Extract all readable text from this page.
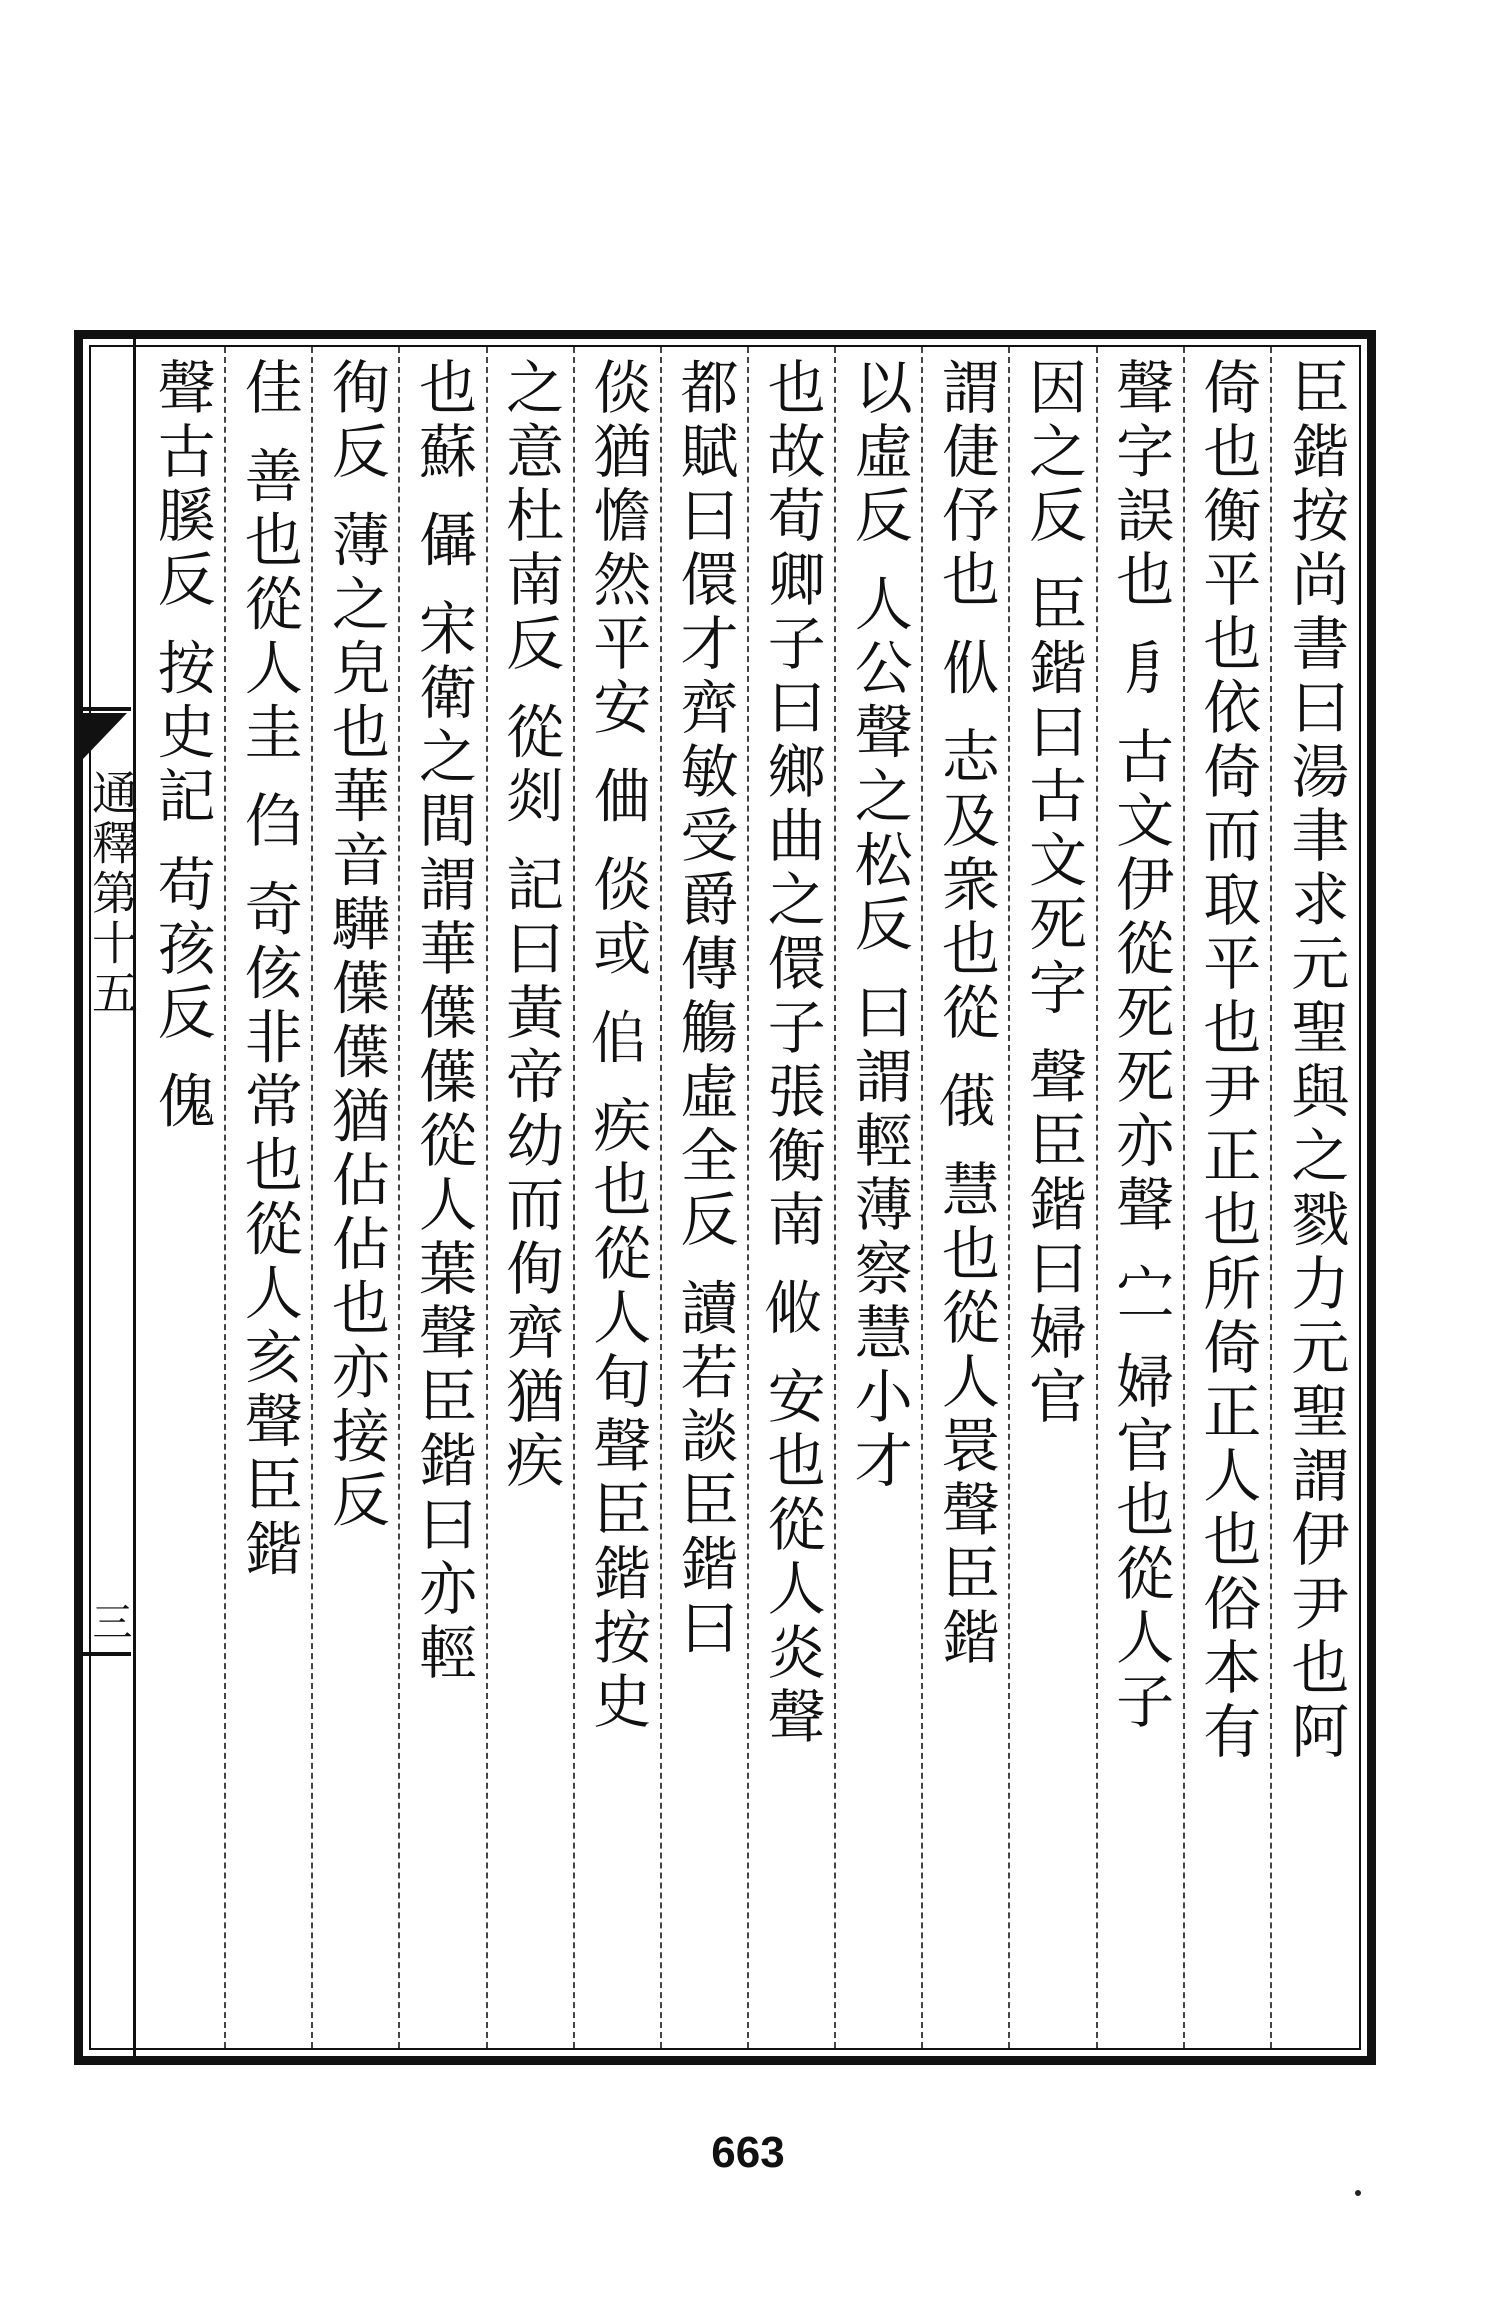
通釋第十五
三	臣鍇按尚書曰湯聿求元聖與之戮力元聖謂伊尹也阿
倚也衡平也依倚而取平也尹正也所倚正人也俗本有
聲字誤也 㐆 古文伊從死死亦聲 㝉 婦官也從人子
因之反 臣鍇曰古文死字 聲臣鍇曰婦官
謂倢伃也 㐺 志及衆也從 𠌾 慧也從人睘聲臣鍇
以虛反 人公聲之松反 曰謂輕薄察慧小才
也故荀卿子曰鄉曲之儇子張衡南 𠈅 安也從人炎聲
都賦曰儇才齊敏受爵傳觴虛全反 讀若談臣鍇曰
倓猶憺然平安 㑋 倓或 𠈆 疾也從人旬聲臣鍇按史
之意杜南反 從剡 記曰黃帝幼而侚齊猶疾
也蘇 㒤 宋衛之間謂華僷僷從人葉聲臣鍇曰亦輕
徇反 薄之皃也華音驊僷僷猶佔佔也亦接反
佳 善也從人圭 㑇 奇侅非常也從人亥聲臣鍇
聲古膎反 按史記 苟孩反 傀
663
